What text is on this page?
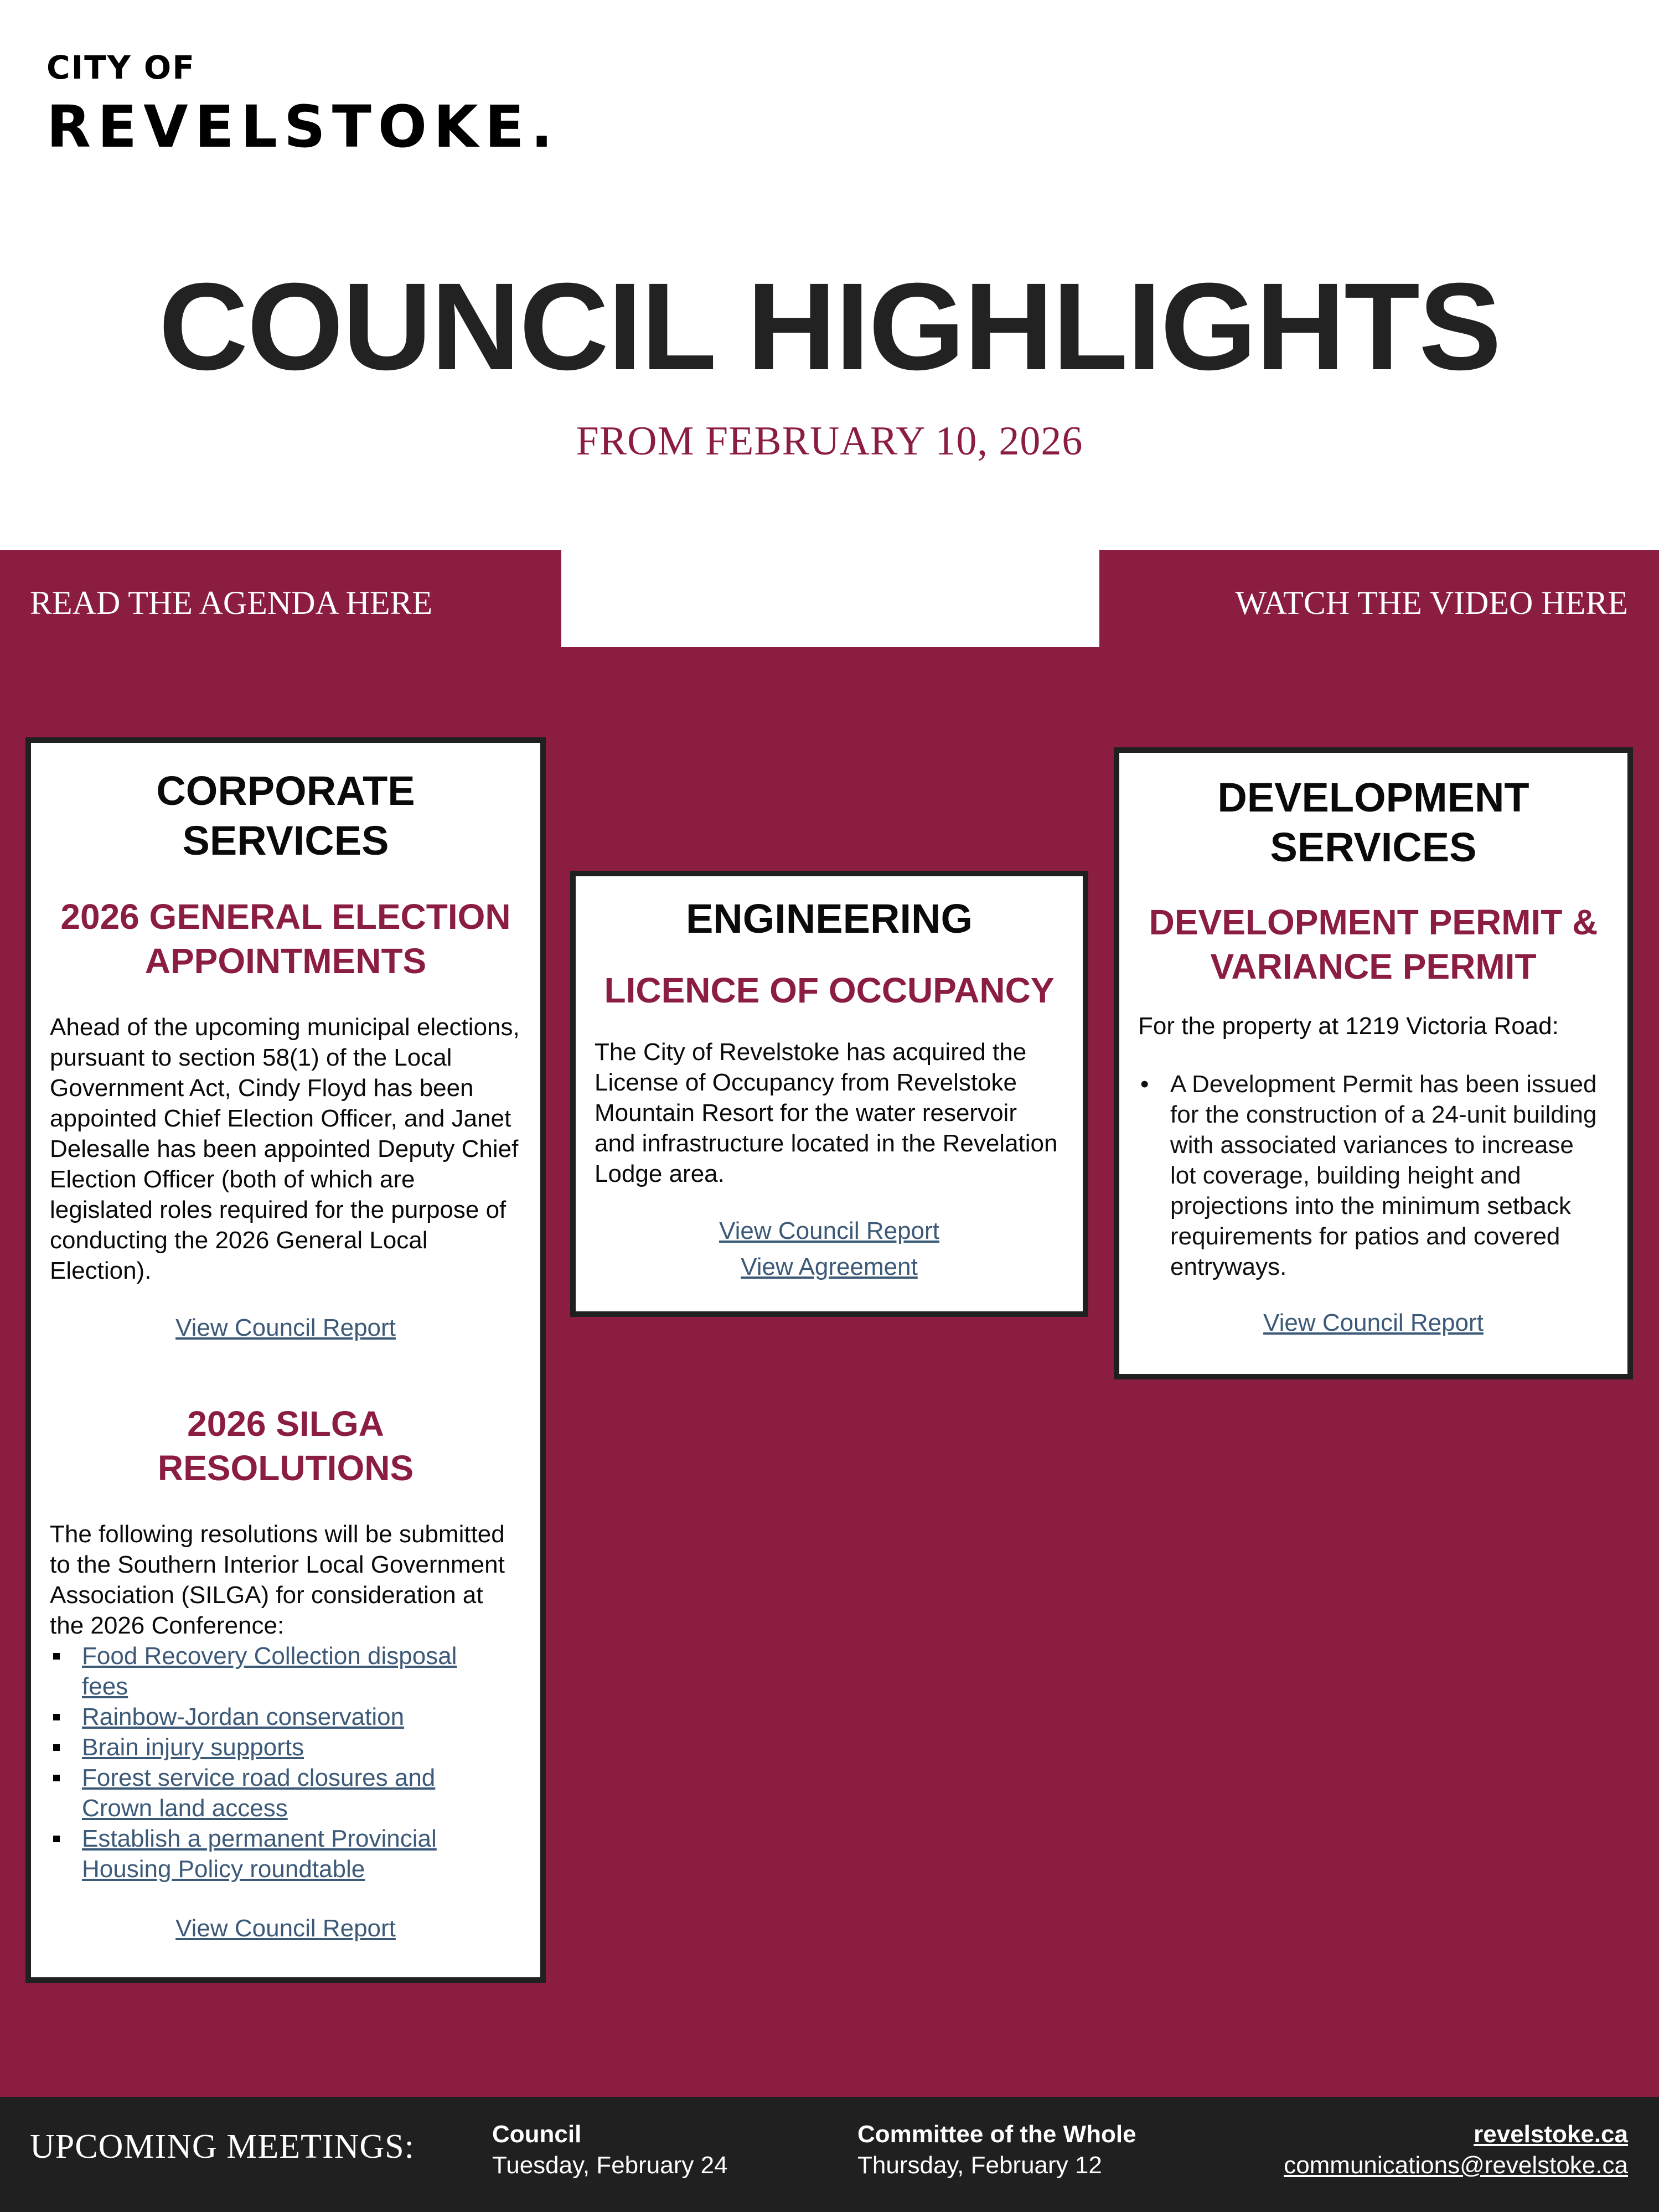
CITY OF
REVELSTOKE.
COUNCIL HIGHLIGHTS
FROM FEBRUARY 10, 2026
READ THE AGENDA HERE	WATCH THE VIDEO HERE
CORPORATE SERVICES
2026 GENERAL ELECTION APPOINTMENTS
Ahead of the upcoming municipal elections, pursuant to section 58(1) of the Local Government Act, Cindy Floyd has been appointed Chief Election Officer, and Janet Delesalle has been appointed Deputy Chief Election Officer (both of which are legislated roles required for the purpose of conducting the 2026 General Local Election).
View Council Report
2026 SILGA RESOLUTIONS
The following resolutions will be submitted to the Southern Interior Local Government Association (SILGA) for consideration at the 2026 Conference:
Food Recovery Collection disposal fees
Rainbow-Jordan conservation
Brain injury supports
Forest service road closures and Crown land access
Establish a permanent Provincial Housing Policy roundtable
View Council Report
ENGINEERING
LICENCE OF OCCUPANCY
The City of Revelstoke has acquired the License of Occupancy from Revelstoke Mountain Resort for the water reservoir and infrastructure located in the Revelation Lodge area.
View Council Report
View Agreement
DEVELOPMENT SERVICES
DEVELOPMENT PERMIT & VARIANCE PERMIT
For the property at 1219 Victoria Road:
• A Development Permit has been issued for the construction of a 24-unit building with associated variances to increase lot coverage, building height and projections into the minimum setback requirements for patios and covered entryways.
View Council Report
UPCOMING MEETINGS:	Council
Tuesday, February 24
Committee of the Whole
Thursday, February 12
revelstoke.ca
communications@revelstoke.ca
